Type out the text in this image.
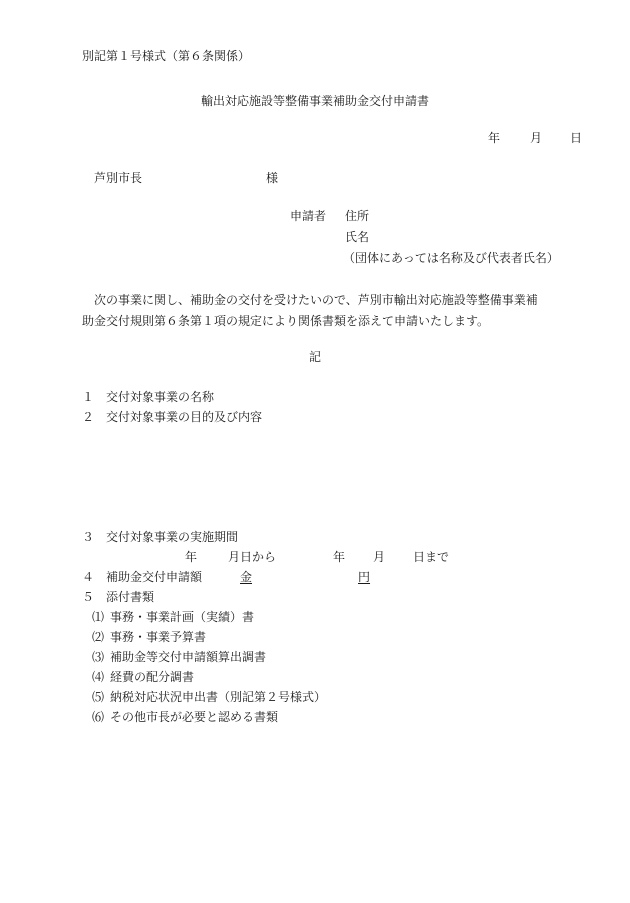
別記第１号様式（第６条関係）
輸出対応施設等整備事業補助金交付申請書
年 月 日
芦別市長	様
申請者 住所
氏名
（団体にあっては名称及び代表者氏名）
次の事業に関し、補助金の交付を受けたいので、芦別市輸出対応施設等整備事業補
助金交付規則第６条第１項の規定により関係書類を添えて申請いたします。
記
１ 交付対象事業の名称
２ 交付対象事業の目的及び内容
３ 交付対象事業の実施期間
年	月 日から	年 月 日まで
４ 補助金交付申請額	金	円
５ 添付書類
⑴ 事務・事業計画（実績）書
⑵ 事務・事業予算書
⑶ 補助金等交付申請額算出調書
⑷ 経費の配分調書
⑸ 納税対応状況申出書（別記第２号様式）
⑹ その他市長が必要と認める書類
